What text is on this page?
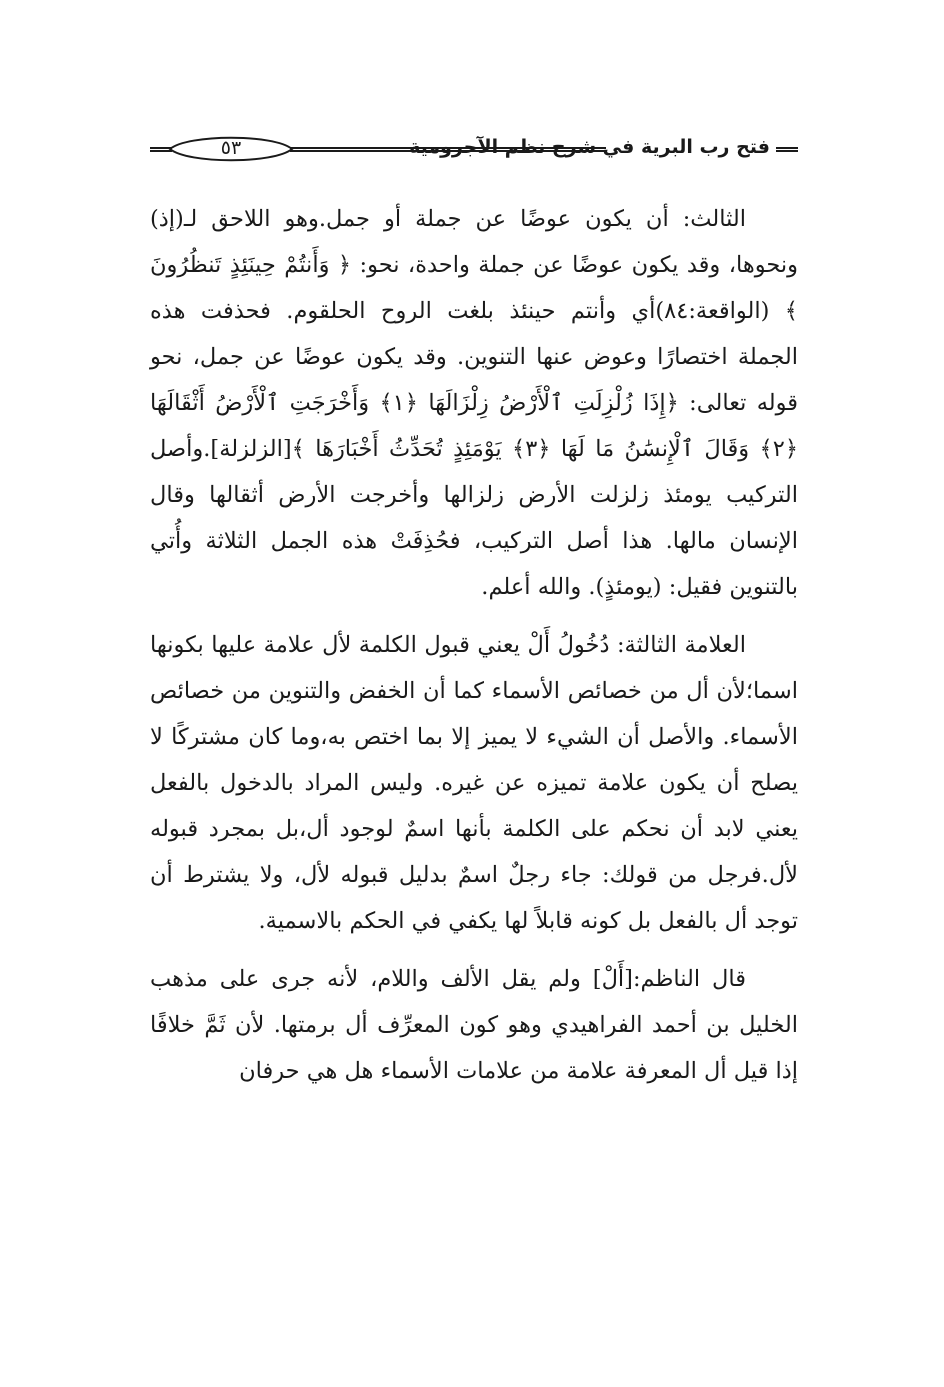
فتح رب البرية في شرح نظم الآجرومية
٥٣

الثالث: أن يكون عوضًا عن جملة أو جمل.وهو اللاحق لـ(إذ) ونحوها، وقد يكون عوضًا عن جملة واحدة، نحو: ﴿ وَأَنتُمْ حِينَئِذٍ تَنظُرُونَ ﴾ (الواقعة:٨٤)أي وأنتم حينئذ بلغت الروح الحلقوم. فحذفت هذه الجملة اختصارًا وعوض عنها التنوين. وقد يكون عوضًا عن جمل، نحو قوله تعالى: ﴿إِذَا زُلْزِلَتِ ٱلْأَرْضُ زِلْزَالَهَا ﴿١﴾ وَأَخْرَجَتِ ٱلْأَرْضُ أَثْقَالَهَا ﴿٢﴾ وَقَالَ ٱلْإِنسَٰنُ مَا لَهَا ﴿٣﴾ يَوْمَئِذٍ تُحَدِّثُ أَخْبَارَهَا ﴾[الزلزلة].وأصل التركيب يومئذ زلزلت الأرض زلزالها وأخرجت الأرض أثقالها وقال الإنسان مالها. هذا أصل التركيب، فحُذِفَتْ هذه الجمل الثلاثة وأُتي بالتنوين فقيل: (يومئذٍ). والله أعلم.

العلامة الثالثة: دُخُولُ أَلْ يعني قبول الكلمة لأل علامة عليها بكونها اسما؛لأن أل من خصائص الأسماء كما أن الخفض والتنوين من خصائص الأسماء. والأصل أن الشيء لا يميز إلا بما اختص به،وما كان مشتركًا لا يصلح أن يكون علامة تميزه عن غيره. وليس المراد بالدخول بالفعل يعني لابد أن نحكم على الكلمة بأنها اسمٌ لوجود أل،بل بمجرد قبوله لأل.فرجل من قولك: جاء رجلٌ اسمٌ بدليل قبوله لأل، ولا يشترط أن توجد أل بالفعل بل كونه قابلاً لها يكفي في الحكم بالاسمية.

قال الناظم:[أَلْ] ولم يقل الألف واللام، لأنه جرى على مذهب الخليل بن أحمد الفراهيدي وهو كون المعرِّف أل برمتها. لأن ثَمَّ خلافًا إذا قيل أل المعرفة علامة من علامات الأسماء هل هي حرفان
